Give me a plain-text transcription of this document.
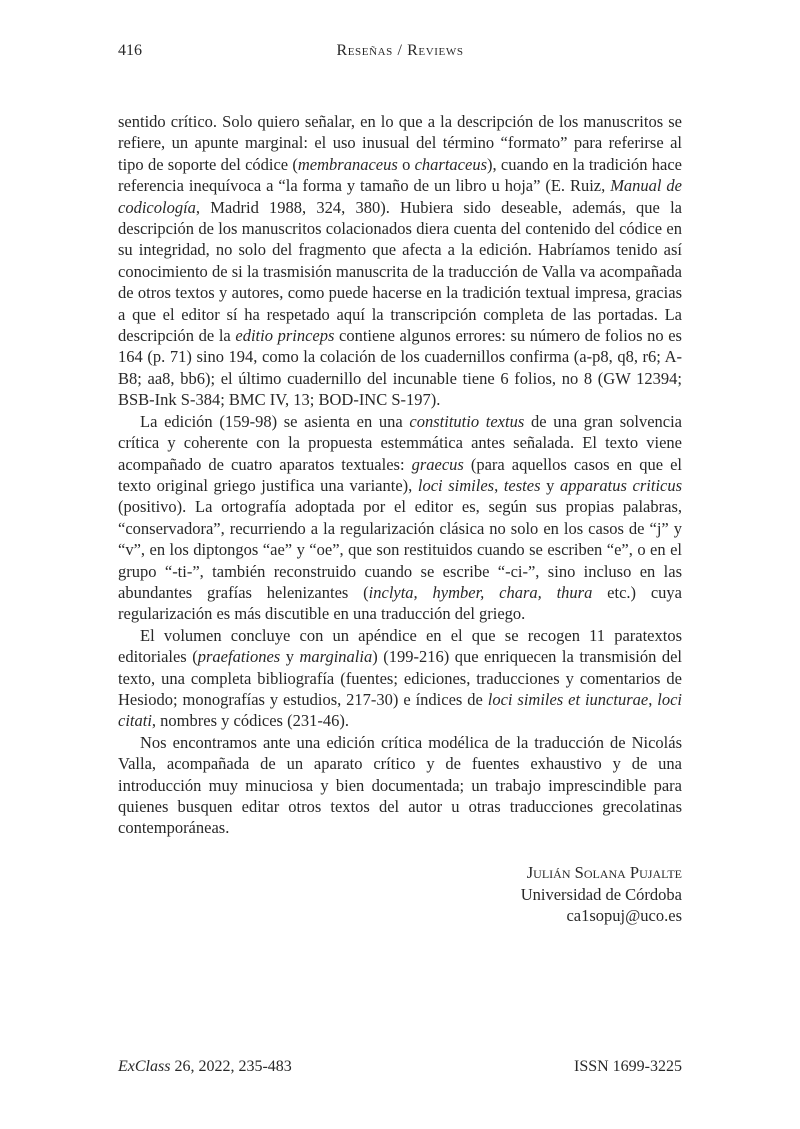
416	Reseñas / Reviews

sentido crítico. Solo quiero señalar, en lo que a la descripción de los manuscritos se refiere, un apunte marginal: el uso inusual del término “formato” para referirse al tipo de soporte del códice (membranaceus o chartaceus), cuando en la tradición hace referencia inequívoca a “la forma y tamaño de un libro u hoja” (E. Ruiz, Manual de codicología, Madrid 1988, 324, 380). Hubiera sido deseable, además, que la descripción de los manuscritos colacionados diera cuenta del contenido del códice en su integridad, no solo del fragmento que afecta a la edición. Habríamos tenido así conocimiento de si la trasmisión manuscrita de la traducción de Valla va acompañada de otros textos y autores, como puede hacerse en la tradición textual impresa, gracias a que el editor sí ha respetado aquí la transcripción completa de las portadas. La descripción de la editio princeps contiene algunos errores: su número de folios no es 164 (p. 71) sino 194, como la colación de los cuadernillos confirma (a-p8, q8, r6; A-B8; aa8, bb6); el último cuadernillo del incunable tiene 6 folios, no 8 (GW 12394; BSB-Ink S-384; BMC IV, 13; BOD-INC S-197).

La edición (159-98) se asienta en una constitutio textus de una gran solvencia crítica y coherente con la propuesta estemmática antes señalada. El texto viene acompañado de cuatro aparatos textuales: graecus (para aquellos casos en que el texto original griego justifica una variante), loci similes, testes y apparatus criticus (positivo). La ortografía adoptada por el editor es, según sus propias palabras, “conservadora”, recurriendo a la regularización clásica no solo en los casos de “j” y “v”, en los diptongos “ae” y “oe”, que son restituidos cuando se escriben “e”, o en el grupo “-ti-”, también reconstruido cuando se escribe “-ci-”, sino incluso en las abundantes grafías helenizantes (inclyta, hymber, chara, thura etc.) cuya regularización es más discutible en una traducción del griego.

El volumen concluye con un apéndice en el que se recogen 11 paratextos editoriales (praefationes y marginalia) (199-216) que enriquecen la transmisión del texto, una completa bibliografía (fuentes; ediciones, traducciones y comentarios de Hesiodo; monografías y estudios, 217-30) e índices de loci similes et iuncturae, loci citati, nombres y códices (231-46).

Nos encontramos ante una edición crítica modélica de la traducción de Nicolás Valla, acompañada de un aparato crítico y de fuentes exhaustivo y de una introducción muy minuciosa y bien documentada; un trabajo imprescindible para quienes busquen editar otros textos del autor u otras traducciones grecolatinas contemporáneas.

Julián Solana Pujalte
Universidad de Córdoba
ca1sopuj@uco.es
ExClass 26, 2022, 235-483	ISSN 1699-3225
